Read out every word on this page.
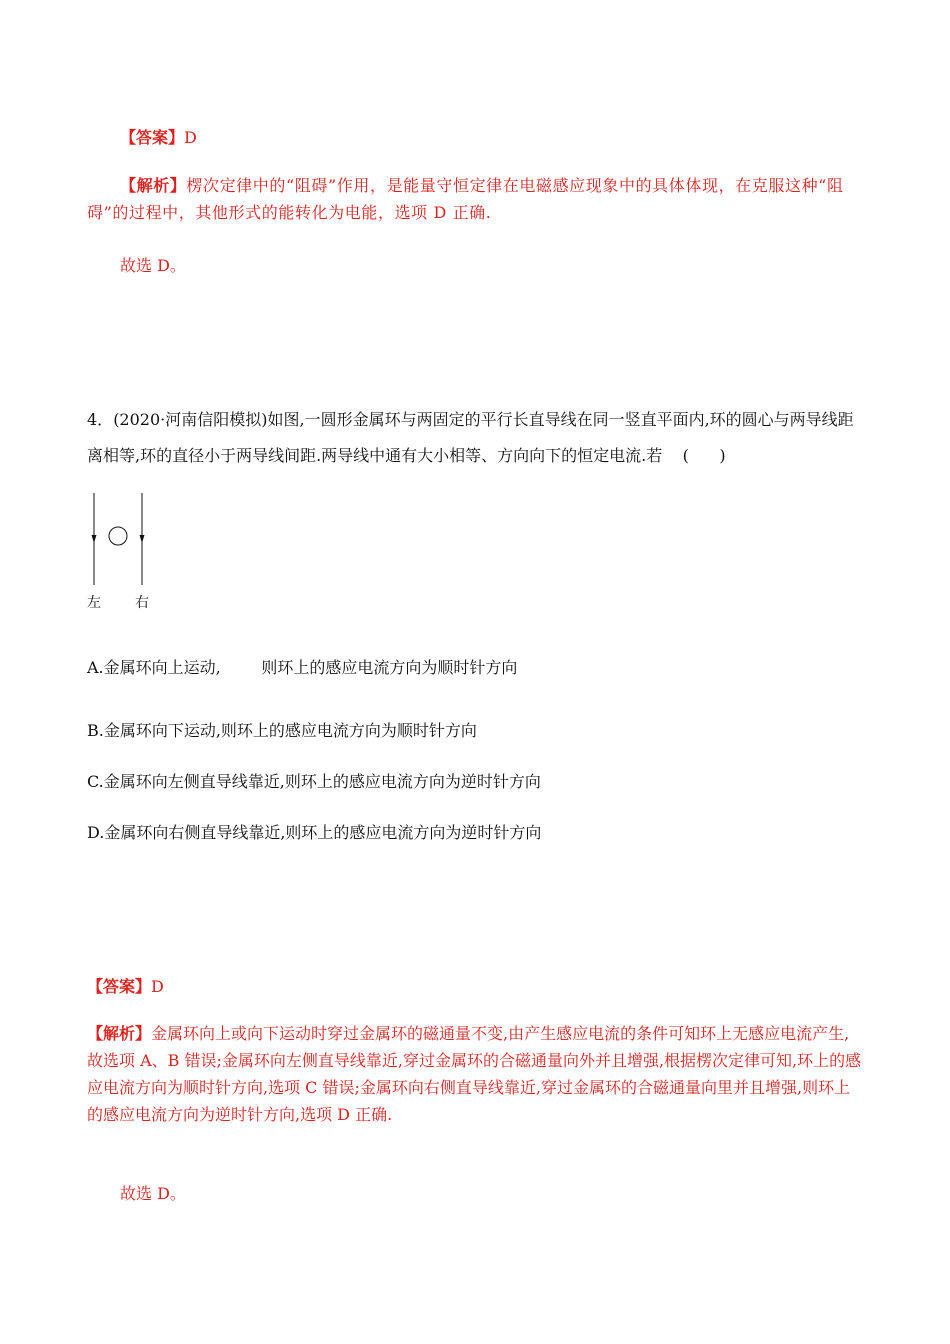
【答案】D
【解析】楞次定律中的“阻碍”作用，是能量守恒定律在电磁感应现象中的具体体现，在克服这种“阻碍”的过程中，其他形式的能转化为电能，选项 D 正确.
故选 D。
4．(2020·河南信阳模拟)如图,一圆形金属环与两固定的平行长直导线在同一竖直平面内,环的圆心与两导线距离相等,环的直径小于两导线间距.两导线中通有大小相等、方向向下的恒定电流.若    (      )
左 右
A.金属环向上运动,        则环上的感应电流方向为顺时针方向
B.金属环向下运动,则环上的感应电流方向为顺时针方向
C.金属环向左侧直导线靠近,则环上的感应电流方向为逆时针方向
D.金属环向右侧直导线靠近,则环上的感应电流方向为逆时针方向
【答案】D
【解析】金属环向上或向下运动时穿过金属环的磁通量不变,由产生感应电流的条件可知环上无感应电流产生,故选项 A、B 错误;金属环向左侧直导线靠近,穿过金属环的合磁通量向外并且增强,根据楞次定律可知,环上的感应电流方向为顺时针方向,选项 C 错误;金属环向右侧直导线靠近,穿过金属环的合磁通量向里并且增强,则环上的感应电流方向为逆时针方向,选项 D 正确.
故选 D。
